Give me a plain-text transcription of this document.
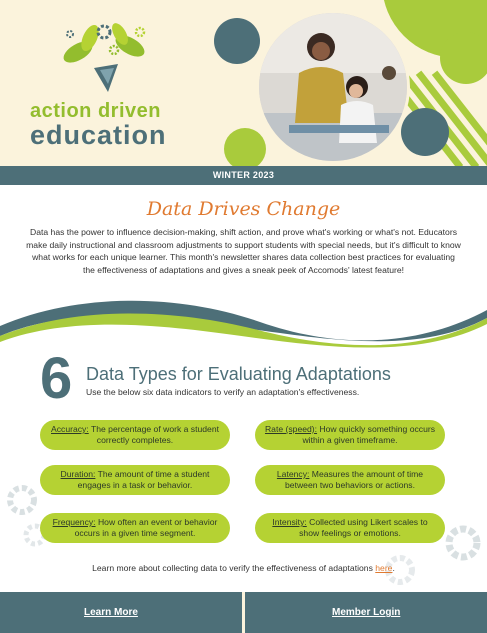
action driven
education
WINTER 2023
Data Drives Change
Data has the power to influence decision-making, shift action, and prove what's working or what's not. Educators make daily instructional and classroom adjustments to support students with special needs, but it's difficult to know what works for each unique learner. This month's newsletter shares data collection best practices for evaluating the effectiveness of adaptations and gives a sneak peek of Accomods' latest feature!
6 Data Types for Evaluating Adaptations
Use the below six data indicators to verify an adaptation's effectiveness.
Accuracy: The percentage of work a student correctly completes.
Rate (speed): How quickly something occurs within a given timeframe.
Duration: The amount of time a student engages in a task or behavior.
Latency: Measures the amount of time between two behaviors or actions.
Frequency: How often an event or behavior occurs in a given time segment.
Intensity: Collected using Likert scales to show feelings or emotions.
Learn more about collecting data to verify the effectiveness of adaptations here.
Learn More	Member Login
